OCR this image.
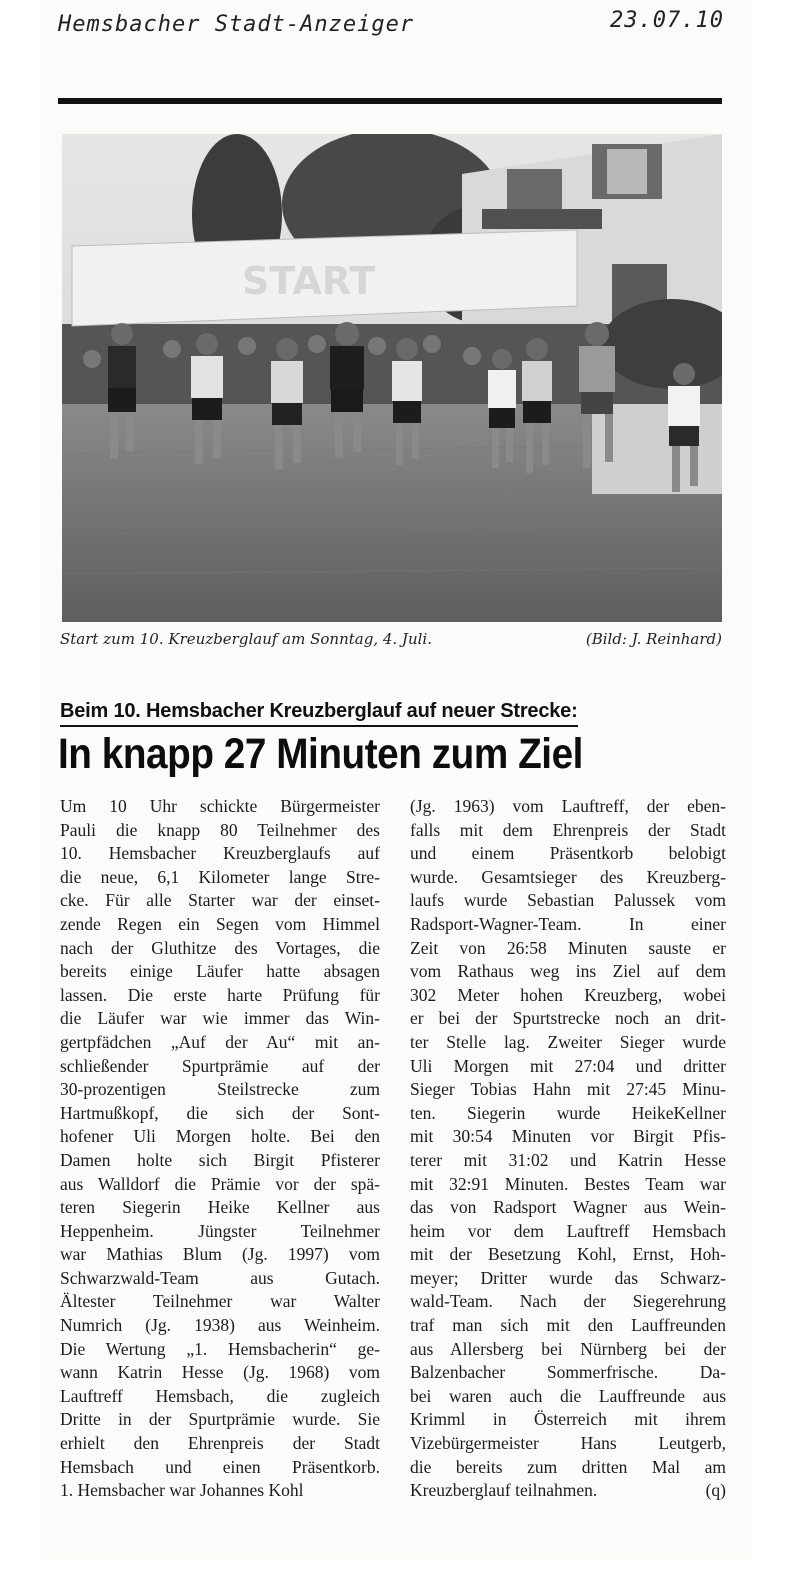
Hemsbacher Stadt-Anzeiger	23.07.10
START
Start zum 10. Kreuzberglauf am Sonntag, 4. Juli.	(Bild: J. Reinhard)
Beim 10. Hemsbacher Kreuzberglauf auf neuer Strecke:
In knapp 27 Minuten zum Ziel
Um 10 Uhr schickte Bürgermeister
Pauli die knapp 80 Teilnehmer des
10. Hemsbacher Kreuzberglaufs auf
die neue, 6,1 Kilometer lange Stre-
cke. Für alle Starter war der einset-
zende Regen ein Segen vom Himmel
nach der Gluthitze des Vortages, die
bereits einige Läufer hatte absagen
lassen. Die erste harte Prüfung für
die Läufer war wie immer das Win-
gertpfädchen „Auf der Au“ mit an-
schließender Spurtprämie auf der
30-prozentigen Steilstrecke zum
Hartmußkopf, die sich der Sont-
hofener Uli Morgen holte. Bei den
Damen holte sich Birgit Pfisterer
aus Walldorf die Prämie vor der spä-
teren Siegerin Heike Kellner aus
Heppenheim. Jüngster Teilnehmer
war Mathias Blum (Jg. 1997) vom
Schwarzwald-Team aus Gutach.
Ältester Teilnehmer war Walter
Numrich (Jg. 1938) aus Weinheim.
Die Wertung „1. Hemsbacherin“ ge-
wann Katrin Hesse (Jg. 1968) vom
Lauftreff Hemsbach, die zugleich
Dritte in der Spurtprämie wurde. Sie
erhielt den Ehrenpreis der Stadt
Hemsbach und einen Präsentkorb.
1. Hemsbacher war Johannes Kohl
(Jg. 1963) vom Lauftreff, der eben-
falls mit dem Ehrenpreis der Stadt
und einem Präsentkorb belobigt
wurde. Gesamtsieger des Kreuzberg-
laufs wurde Sebastian Palussek vom
Radsport-Wagner-Team. In einer
Zeit von 26:58 Minuten sauste er
vom Rathaus weg ins Ziel auf dem
302 Meter hohen Kreuzberg, wobei
er bei der Spurtstrecke noch an drit-
ter Stelle lag. Zweiter Sieger wurde
Uli Morgen mit 27:04 und dritter
Sieger Tobias Hahn mit 27:45 Minu-
ten. Siegerin wurde HeikeKellner
mit 30:54 Minuten vor Birgit Pfis-
terer mit 31:02 und Katrin Hesse
mit 32:91 Minuten. Bestes Team war
das von Radsport Wagner aus Wein-
heim vor dem Lauftreff Hemsbach
mit der Besetzung Kohl, Ernst, Hoh-
meyer; Dritter wurde das Schwarz-
wald-Team. Nach der Siegerehrung
traf man sich mit den Lauffreunden
aus Allersberg bei Nürnberg bei der
Balzenbacher Sommerfrische. Da-
bei waren auch die Lauffreunde aus
Krimml in Österreich mit ihrem
Vizebürgermeister Hans Leutgerb,
die bereits zum dritten Mal am
Kreuzberglauf teilnahmen.	(q)
